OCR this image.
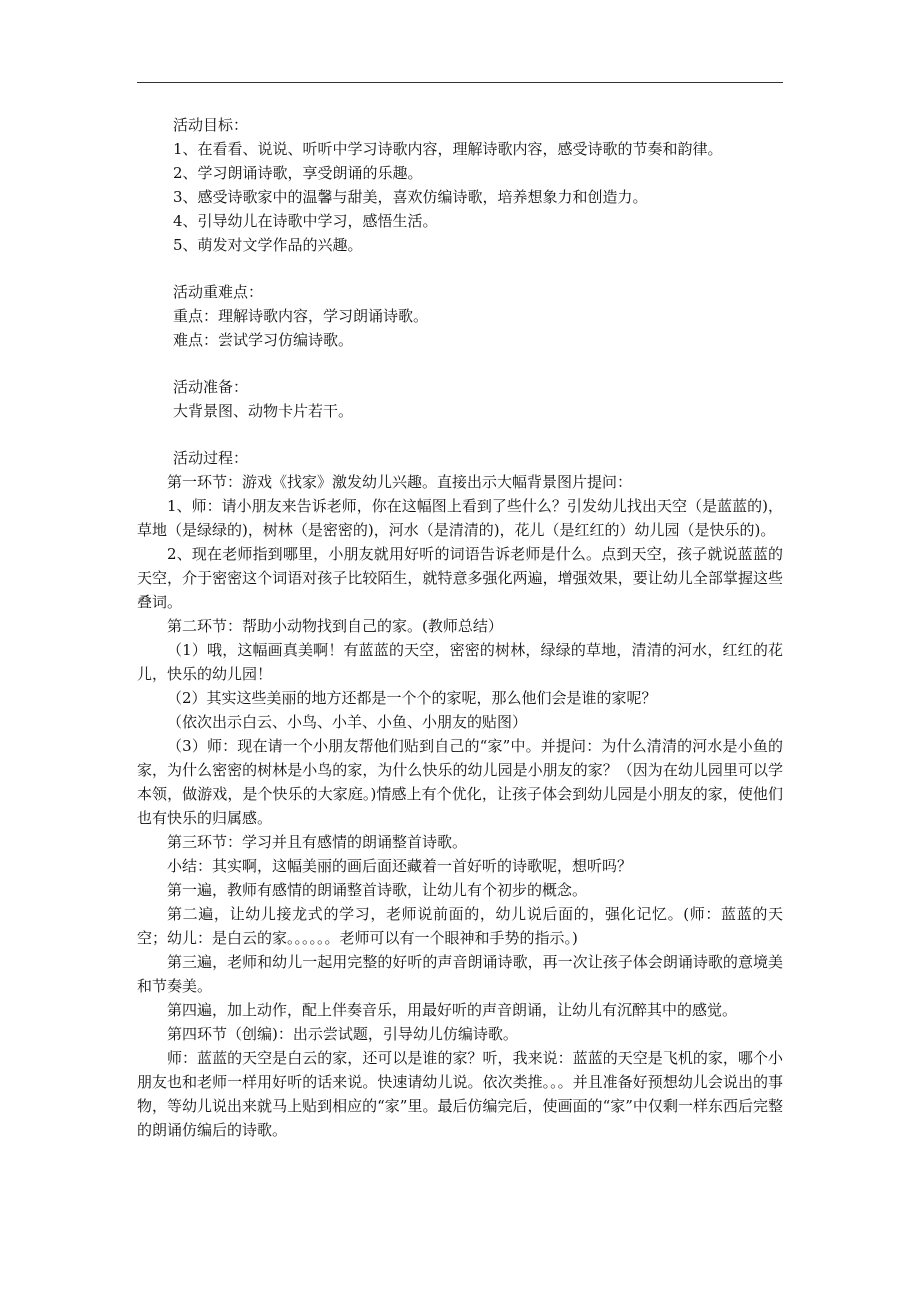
活动目标：

1、在看看、说说、听听中学习诗歌内容，理解诗歌内容，感受诗歌的节奏和韵律。

2、学习朗诵诗歌，享受朗诵的乐趣。

3、感受诗歌家中的温馨与甜美，喜欢仿编诗歌，培养想象力和创造力。

4、引导幼儿在诗歌中学习，感悟生活。

5、萌发对文学作品的兴趣。

活动重难点：

重点：理解诗歌内容，学习朗诵诗歌。

难点：尝试学习仿编诗歌。

活动准备：

大背景图、动物卡片若干。

活动过程：

第一环节：游戏《找家》激发幼儿兴趣。直接出示大幅背景图片提问：

1、师：请小朋友来告诉老师，你在这幅图上看到了些什么？引发幼儿找出天空（是蓝蓝的)，草地（是绿绿的)，树林（是密密的)，河水（是清清的)，花儿（是红红的）幼儿园（是快乐的)。

2、现在老师指到哪里，小朋友就用好听的词语告诉老师是什么。点到天空，孩子就说蓝蓝的天空，介于密密这个词语对孩子比较陌生，就特意多强化两遍，增强效果，要让幼儿全部掌握这些叠词。

第二环节：帮助小动物找到自己的家。(教师总结）

（1）哦，这幅画真美啊！有蓝蓝的天空，密密的树林，绿绿的草地，清清的河水，红红的花儿，快乐的幼儿园！

（2）其实这些美丽的地方还都是一个个的家呢，那么他们会是谁的家呢？

（依次出示白云、小鸟、小羊、小鱼、小朋友的贴图）

（3）师：现在请一个小朋友帮他们贴到自己的“家”中。并提问：为什么清清的河水是小鱼的家，为什么密密的树林是小鸟的家，为什么快乐的幼儿园是小朋友的家？（因为在幼儿园里可以学本领，做游戏，是个快乐的大家庭。)情感上有个优化，让孩子体会到幼儿园是小朋友的家，使他们也有快乐的归属感。

第三环节：学习并且有感情的朗诵整首诗歌。

小结：其实啊，这幅美丽的画后面还藏着一首好听的诗歌呢，想听吗？

第一遍，教师有感情的朗诵整首诗歌，让幼儿有个初步的概念。

第二遍，让幼儿接龙式的学习，老师说前面的，幼儿说后面的，强化记忆。(师：蓝蓝的天空；幼儿：是白云的家。。。。。。老师可以有一个眼神和手势的指示。)

第三遍，老师和幼儿一起用完整的好听的声音朗诵诗歌，再一次让孩子体会朗诵诗歌的意境美和节奏美。

第四遍，加上动作，配上伴奏音乐，用最好听的声音朗诵，让幼儿有沉醉其中的感觉。

第四环节（创编)：出示尝试题，引导幼儿仿编诗歌。

师：蓝蓝的天空是白云的家，还可以是谁的家？听，我来说：蓝蓝的天空是飞机的家，哪个小朋友也和老师一样用好听的话来说。快速请幼儿说。依次类推。。。并且准备好预想幼儿会说出的事物，等幼儿说出来就马上贴到相应的“家”里。最后仿编完后，使画面的“家”中仅剩一样东西后完整的朗诵仿编后的诗歌。
